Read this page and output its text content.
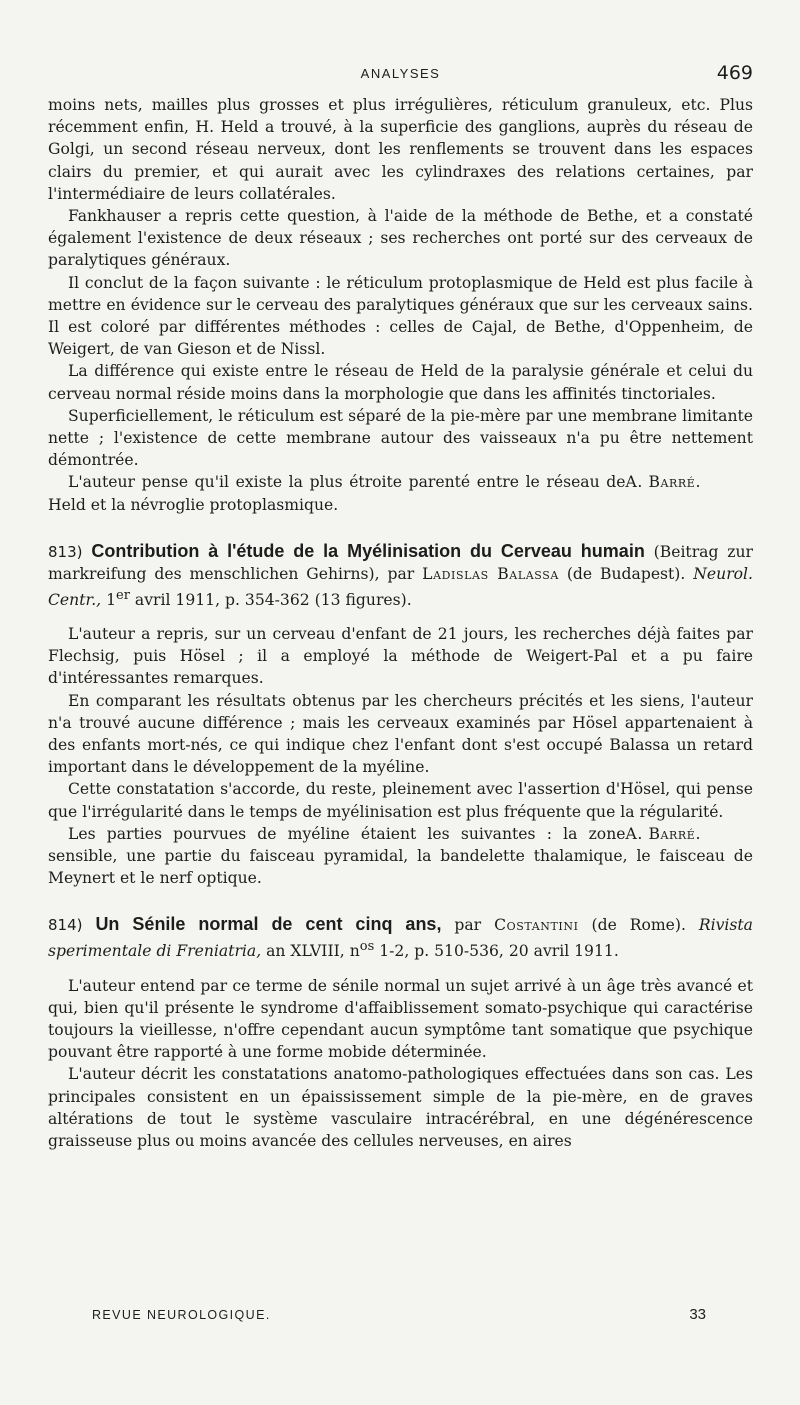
ANALYSES	469

moins nets, mailles plus grosses et plus irrégulières, réticulum granuleux, etc. Plus récemment enfin, H. Held a trouvé, à la superficie des ganglions, auprès du réseau de Golgi, un second réseau nerveux, dont les renflements se trouvent dans les espaces clairs du premier, et qui aurait avec les cylindraxes des relations certaines, par l'intermédiaire de leurs collatérales.

Fankhauser a repris cette question, à l'aide de la méthode de Bethe, et a constaté également l'existence de deux réseaux ; ses recherches ont porté sur des cerveaux de paralytiques généraux.

Il conclut de la façon suivante : le réticulum protoplasmique de Held est plus facile à mettre en évidence sur le cerveau des paralytiques généraux que sur les cerveaux sains. Il est coloré par différentes méthodes : celles de Cajal, de Bethe, d'Oppenheim, de Weigert, de van Gieson et de Nissl.

La différence qui existe entre le réseau de Held de la paralysie générale et celui du cerveau normal réside moins dans la morphologie que dans les affinités tinctoriales.

Superficiellement, le réticulum est séparé de la pie-mère par une membrane limitante nette ; l'existence de cette membrane autour des vaisseaux n'a pu être nettement démontrée.

A. Barré.
L'auteur pense qu'il existe la plus étroite parenté entre le réseau de Held et la névroglie protoplasmique.

813) Contribution à l'étude de la Myélinisation du Cerveau humain (Beitrag zur markreifung des menschlichen Gehirns), par Ladislas Balassa (de Budapest). Neurol. Centr., 1er avril 1911, p. 354-362 (13 figures).

L'auteur a repris, sur un cerveau d'enfant de 21 jours, les recherches déjà faites par Flechsig, puis Hösel ; il a employé la méthode de Weigert-Pal et a pu faire d'intéressantes remarques.

En comparant les résultats obtenus par les chercheurs précités et les siens, l'auteur n'a trouvé aucune différence ; mais les cerveaux examinés par Hösel appartenaient à des enfants mort-nés, ce qui indique chez l'enfant dont s'est occupé Balassa un retard important dans le développement de la myéline.

Cette constatation s'accorde, du reste, pleinement avec l'assertion d'Hösel, qui pense que l'irrégularité dans le temps de myélinisation est plus fréquente que la régularité.

A. Barré.
Les parties pourvues de myéline étaient les suivantes : la zone sensible, une partie du faisceau pyramidal, la bandelette thalamique, le faisceau de Meynert et le nerf optique.

814) Un Sénile normal de cent cinq ans, par Costantini (de Rome). Rivista sperimentale di Freniatria, an XLVIII, $n^{os}$ 1-2, p. 510-536, 20 avril 1911.

L'auteur entend par ce terme de sénile normal un sujet arrivé à un âge très avancé et qui, bien qu'il présente le syndrome d'affaiblissement somato-psychique qui caractérise toujours la vieillesse, n'offre cependant aucun symptôme tant somatique que psychique pouvant être rapporté à une forme mobide déterminée.

L'auteur décrit les constatations anatomo-pathologiques effectuées dans son cas. Les principales consistent en un épaississement simple de la pie-mère, en de graves altérations de tout le système vasculaire intracérébral, en une dégénérescence graisseuse plus ou moins avancée des cellules nerveuses, en aires

REVUE NEUROLOGIQUE.	33
